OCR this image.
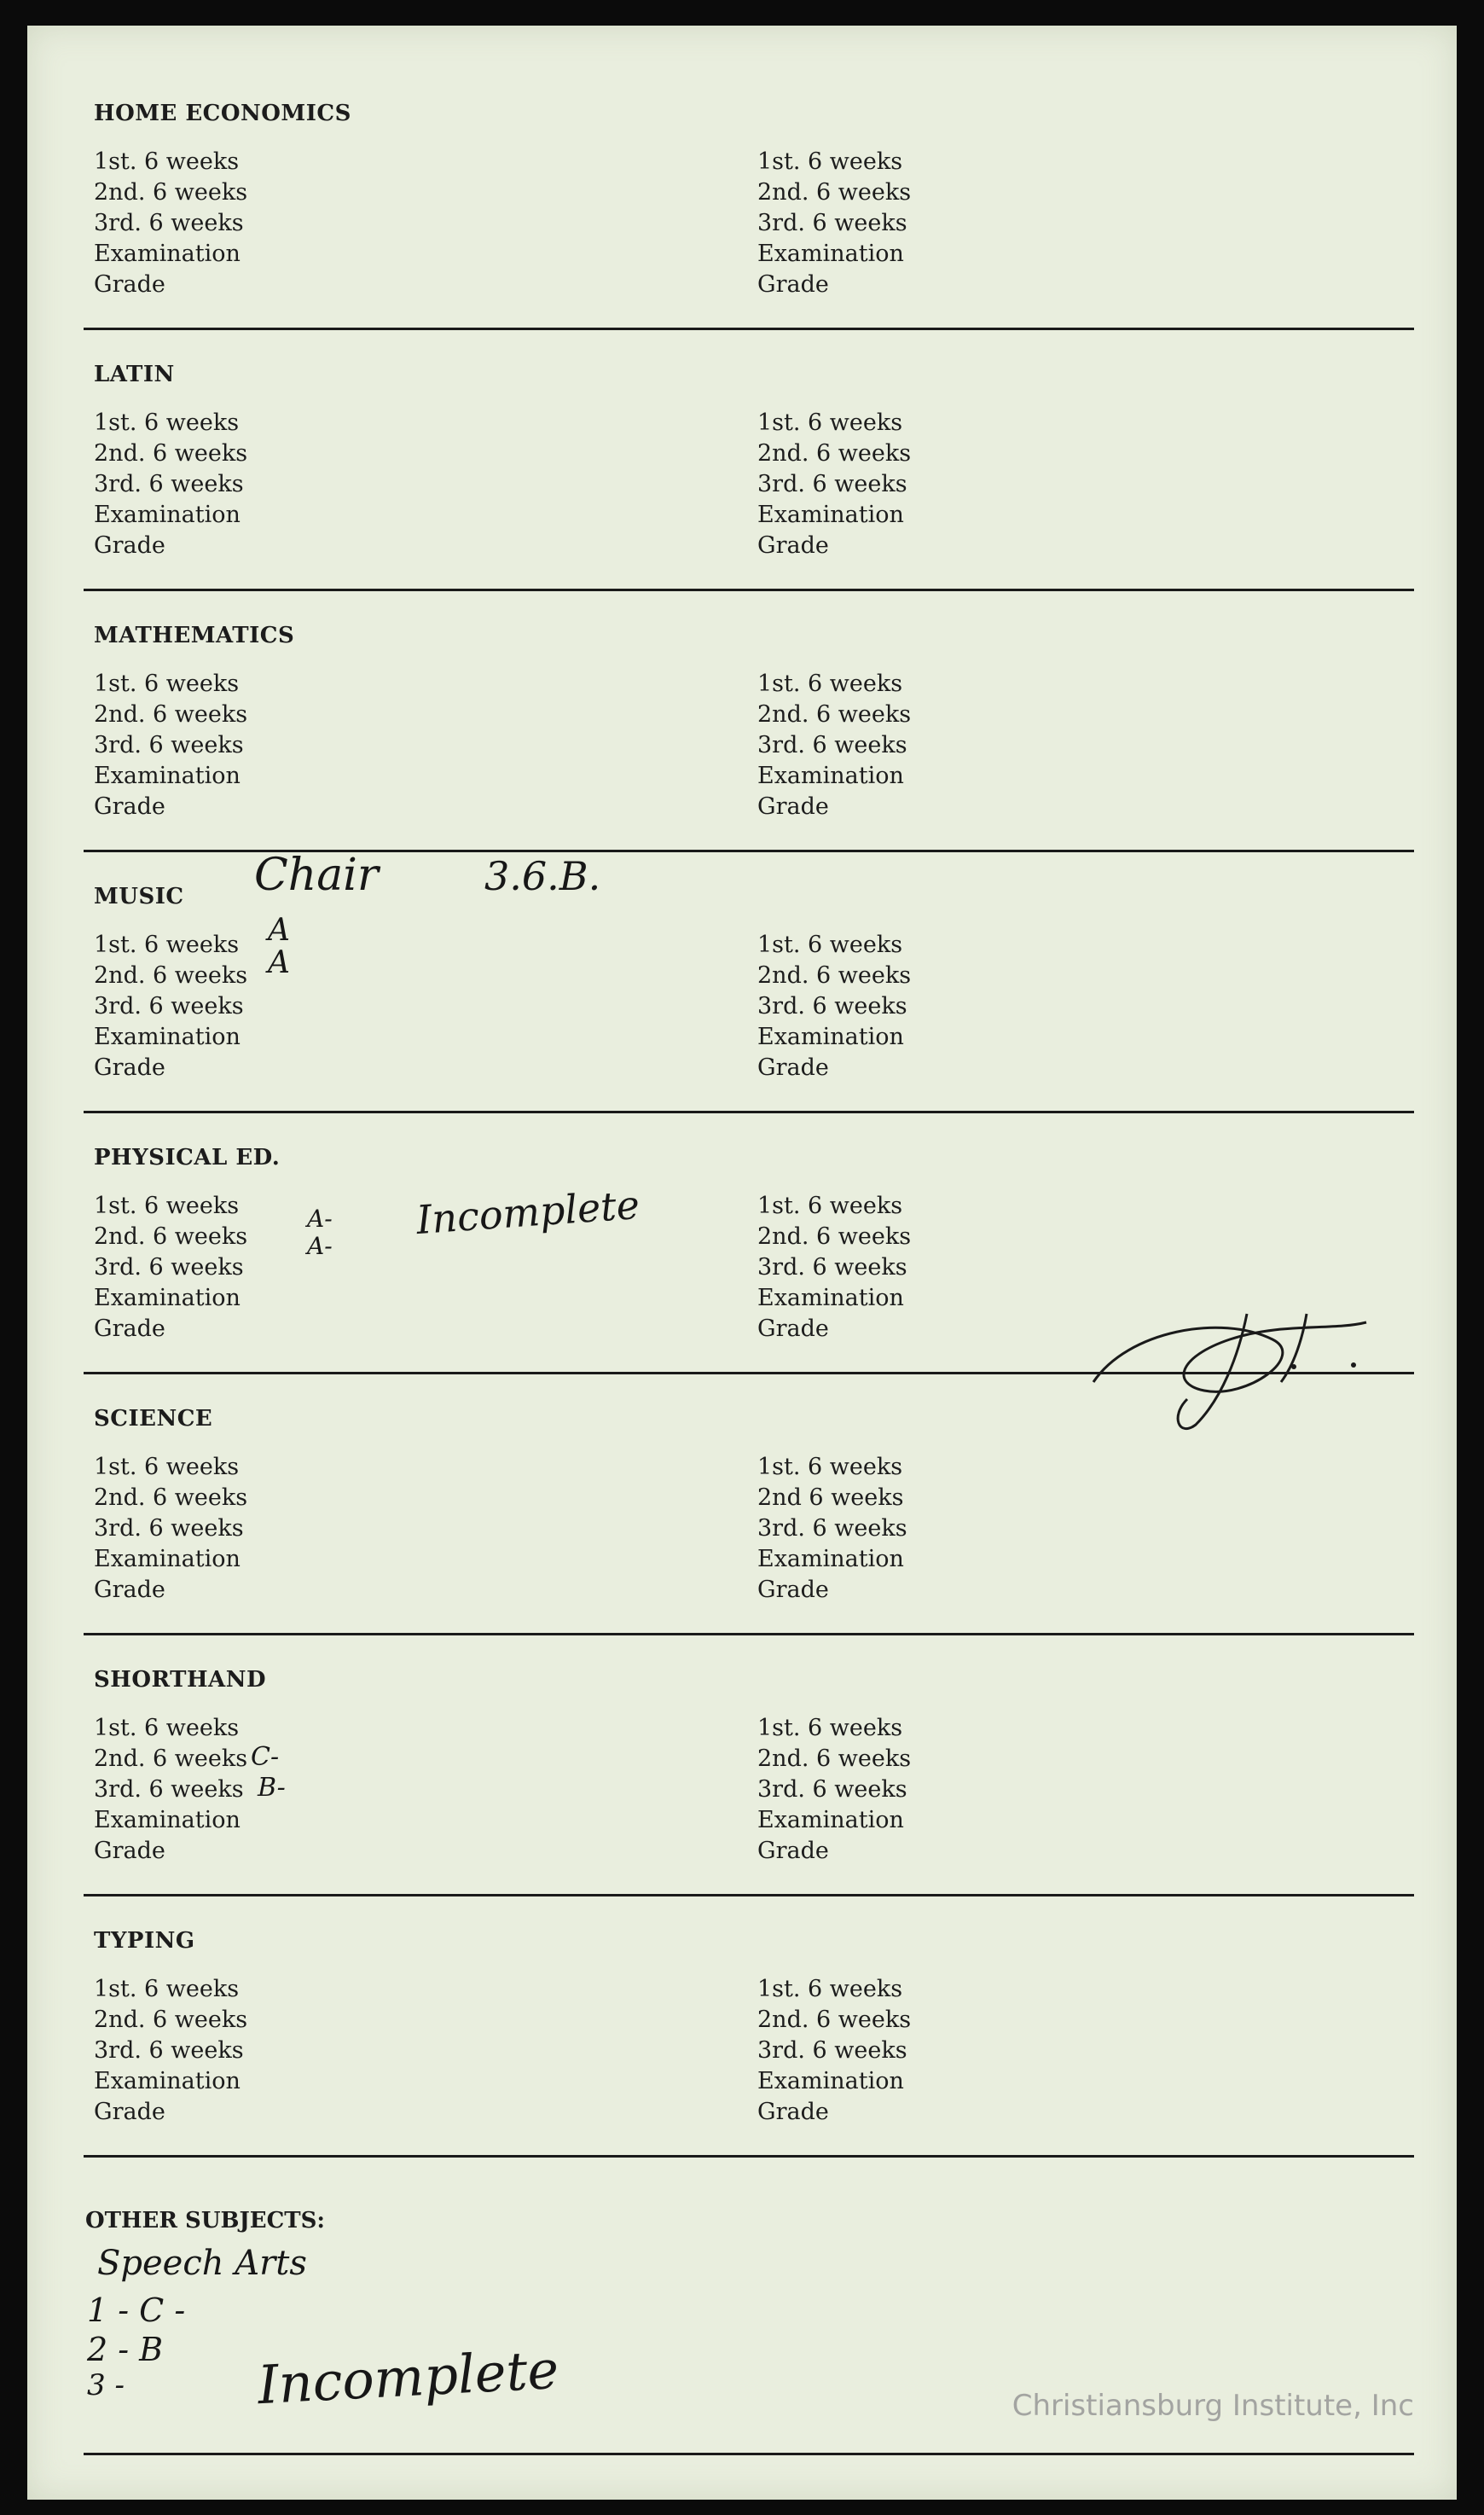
HOME ECONOMICS
1st. 6 weeks
2nd. 6 weeks
3rd. 6 weeks
Examination
Grade
1st. 6 weeks
2nd. 6 weeks
3rd. 6 weeks
Examination
Grade
LATIN
1st. 6 weeks
2nd. 6 weeks
3rd. 6 weeks
Examination
Grade
1st. 6 weeks
2nd. 6 weeks
3rd. 6 weeks
Examination
Grade
MATHEMATICS
1st. 6 weeks
2nd. 6 weeks
3rd. 6 weeks
Examination
Grade
1st. 6 weeks
2nd. 6 weeks
3rd. 6 weeks
Examination
Grade
MUSIC
1st. 6 weeks
2nd. 6 weeks
3rd. 6 weeks
Examination
Grade
1st. 6 weeks
2nd. 6 weeks
3rd. 6 weeks
Examination
Grade
PHYSICAL ED.
1st. 6 weeks
2nd. 6 weeks
3rd. 6 weeks
Examination
Grade
1st. 6 weeks
2nd. 6 weeks
3rd. 6 weeks
Examination
Grade
SCIENCE
1st. 6 weeks
2nd. 6 weeks
3rd. 6 weeks
Examination
Grade
1st. 6 weeks
2nd 6 weeks
3rd. 6 weeks
Examination
Grade
SHORTHAND
1st. 6 weeks
2nd. 6 weeks
3rd. 6 weeks
Examination
Grade
1st. 6 weeks
2nd. 6 weeks
3rd. 6 weeks
Examination
Grade
TYPING
1st. 6 weeks
2nd. 6 weeks
3rd. 6 weeks
Examination
Grade
1st. 6 weeks
2nd. 6 weeks
3rd. 6 weeks
Examination
Grade
Chair	3.6.B.
A
A
A-
A-
Incomplete
C-
B-
OTHER SUBJECTS:
Speech Arts
1 - C -
2 - B
3 - Incomplete	Christiansburg Institute, Inc
